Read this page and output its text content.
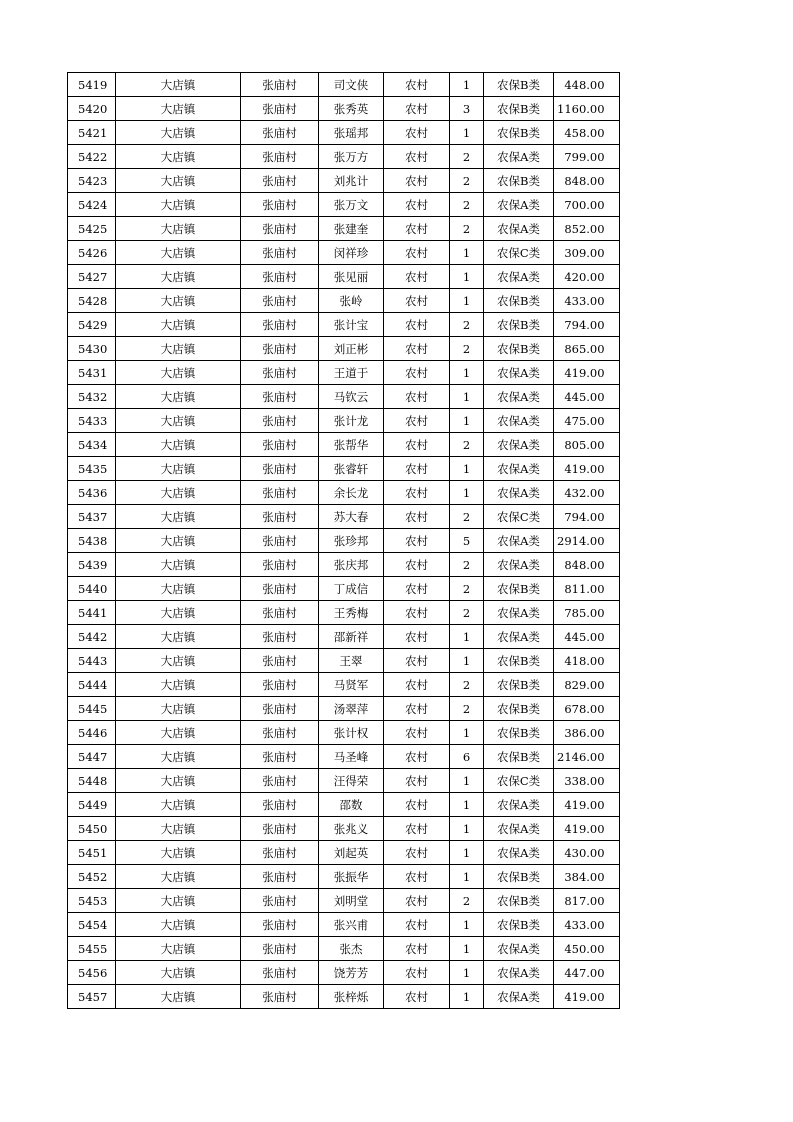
5419	大店镇	张庙村	司文侠	农村	1	农保B类	448.00
5420	大店镇	张庙村	张秀英	农村	3	农保B类	1160.00
5421	大店镇	张庙村	张瑶邦	农村	1	农保B类	458.00
5422	大店镇	张庙村	张万方	农村	2	农保A类	799.00
5423	大店镇	张庙村	刘兆计	农村	2	农保B类	848.00
5424	大店镇	张庙村	张万文	农村	2	农保A类	700.00
5425	大店镇	张庙村	张建奎	农村	2	农保A类	852.00
5426	大店镇	张庙村	闵祥珍	农村	1	农保C类	309.00
5427	大店镇	张庙村	张见丽	农村	1	农保A类	420.00
5428	大店镇	张庙村	张岭	农村	1	农保B类	433.00
5429	大店镇	张庙村	张计宝	农村	2	农保B类	794.00
5430	大店镇	张庙村	刘正彬	农村	2	农保B类	865.00
5431	大店镇	张庙村	王道于	农村	1	农保A类	419.00
5432	大店镇	张庙村	马钦云	农村	1	农保A类	445.00
5433	大店镇	张庙村	张计龙	农村	1	农保A类	475.00
5434	大店镇	张庙村	张帮华	农村	2	农保A类	805.00
5435	大店镇	张庙村	张睿轩	农村	1	农保A类	419.00
5436	大店镇	张庙村	余长龙	农村	1	农保A类	432.00
5437	大店镇	张庙村	苏大春	农村	2	农保C类	794.00
5438	大店镇	张庙村	张珍邦	农村	5	农保A类	2914.00
5439	大店镇	张庙村	张庆邦	农村	2	农保A类	848.00
5440	大店镇	张庙村	丁成信	农村	2	农保B类	811.00
5441	大店镇	张庙村	王秀梅	农村	2	农保A类	785.00
5442	大店镇	张庙村	邵新祥	农村	1	农保A类	445.00
5443	大店镇	张庙村	王翠	农村	1	农保B类	418.00
5444	大店镇	张庙村	马贤军	农村	2	农保B类	829.00
5445	大店镇	张庙村	汤翠萍	农村	2	农保B类	678.00
5446	大店镇	张庙村	张计权	农村	1	农保B类	386.00
5447	大店镇	张庙村	马圣峰	农村	6	农保B类	2146.00
5448	大店镇	张庙村	汪得荣	农村	1	农保C类	338.00
5449	大店镇	张庙村	邵数	农村	1	农保A类	419.00
5450	大店镇	张庙村	张兆义	农村	1	农保A类	419.00
5451	大店镇	张庙村	刘起英	农村	1	农保A类	430.00
5452	大店镇	张庙村	张振华	农村	1	农保B类	384.00
5453	大店镇	张庙村	刘明堂	农村	2	农保B类	817.00
5454	大店镇	张庙村	张兴甫	农村	1	农保B类	433.00
5455	大店镇	张庙村	张杰	农村	1	农保A类	450.00
5456	大店镇	张庙村	饶芳芳	农村	1	农保A类	447.00
5457	大店镇	张庙村	张梓烁	农村	1	农保A类	419.00
